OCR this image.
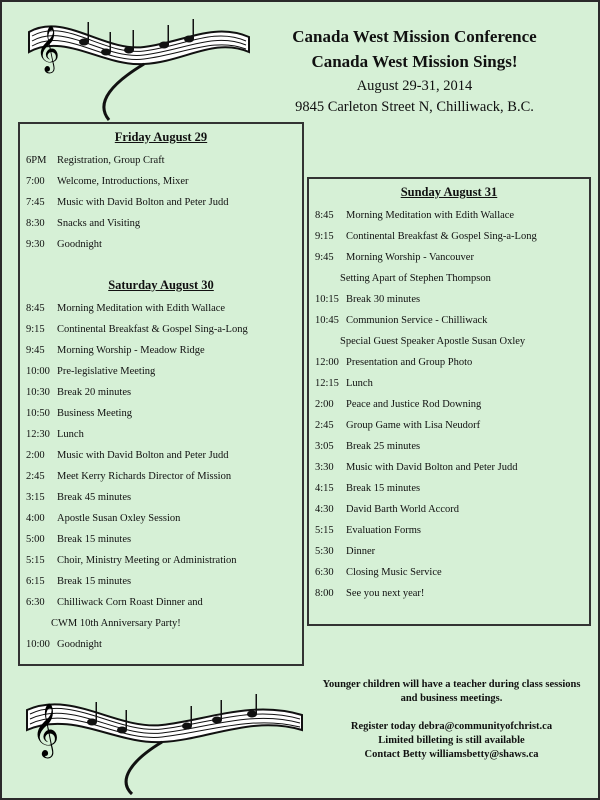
𝄞	Canada West Mission Conference
Canada West Mission Sings!
August 29-31, 2014
9845 Carleton Street N, Chilliwack, B.C.
Friday August 29
6PM Registration, Group Craft
7:00 Welcome, Introductions, Mixer
7:45 Music with David Bolton and Peter Judd
8:30 Snacks and Visiting
9:30 Goodnight
Saturday August 30
8:45 Morning Meditation with Edith Wallace
9:15 Continental Breakfast & Gospel Sing-a-Long
9:45 Morning Worship - Meadow Ridge
10:00 Pre-legislative Meeting
10:30 Break 20 minutes
10:50 Business Meeting
12:30 Lunch
2:00 Music with David Bolton and Peter Judd
2:45 Meet Kerry Richards Director of Mission
3:15 Break 45 minutes
4:00 Apostle Susan Oxley Session
5:00 Break 15 minutes
5:15 Choir, Ministry Meeting or Administration
6:15 Break 15 minutes
6:30 Chilliwack Corn Roast Dinner and
CWM 10th Anniversary Party!
10:00 Goodnight
Sunday August 31
8:45 Morning Meditation with Edith Wallace
9:15 Continental Breakfast & Gospel Sing-a-Long
9:45 Morning Worship - Vancouver
Setting Apart of Stephen Thompson
10:15 Break 30 minutes
10:45 Communion Service - Chilliwack
Special Guest Speaker Apostle Susan Oxley
12:00 Presentation and Group Photo
12:15 Lunch
2:00 Peace and Justice Rod Downing
2:45 Group Game with Lisa Neudorf
3:05 Break 25 minutes
3:30 Music with David Bolton and Peter Judd
4:15 Break 15 minutes
4:30 David Barth World Accord
5:15 Evaluation Forms
5:30 Dinner
6:30 Closing Music Service
8:00 See you next year!
𝄞

Younger children will have a teacher during class sessions and business meetings.

Register today debra@communityofchrist.ca
Limited billeting is still available
Contact Betty williamsbetty@shaws.ca
